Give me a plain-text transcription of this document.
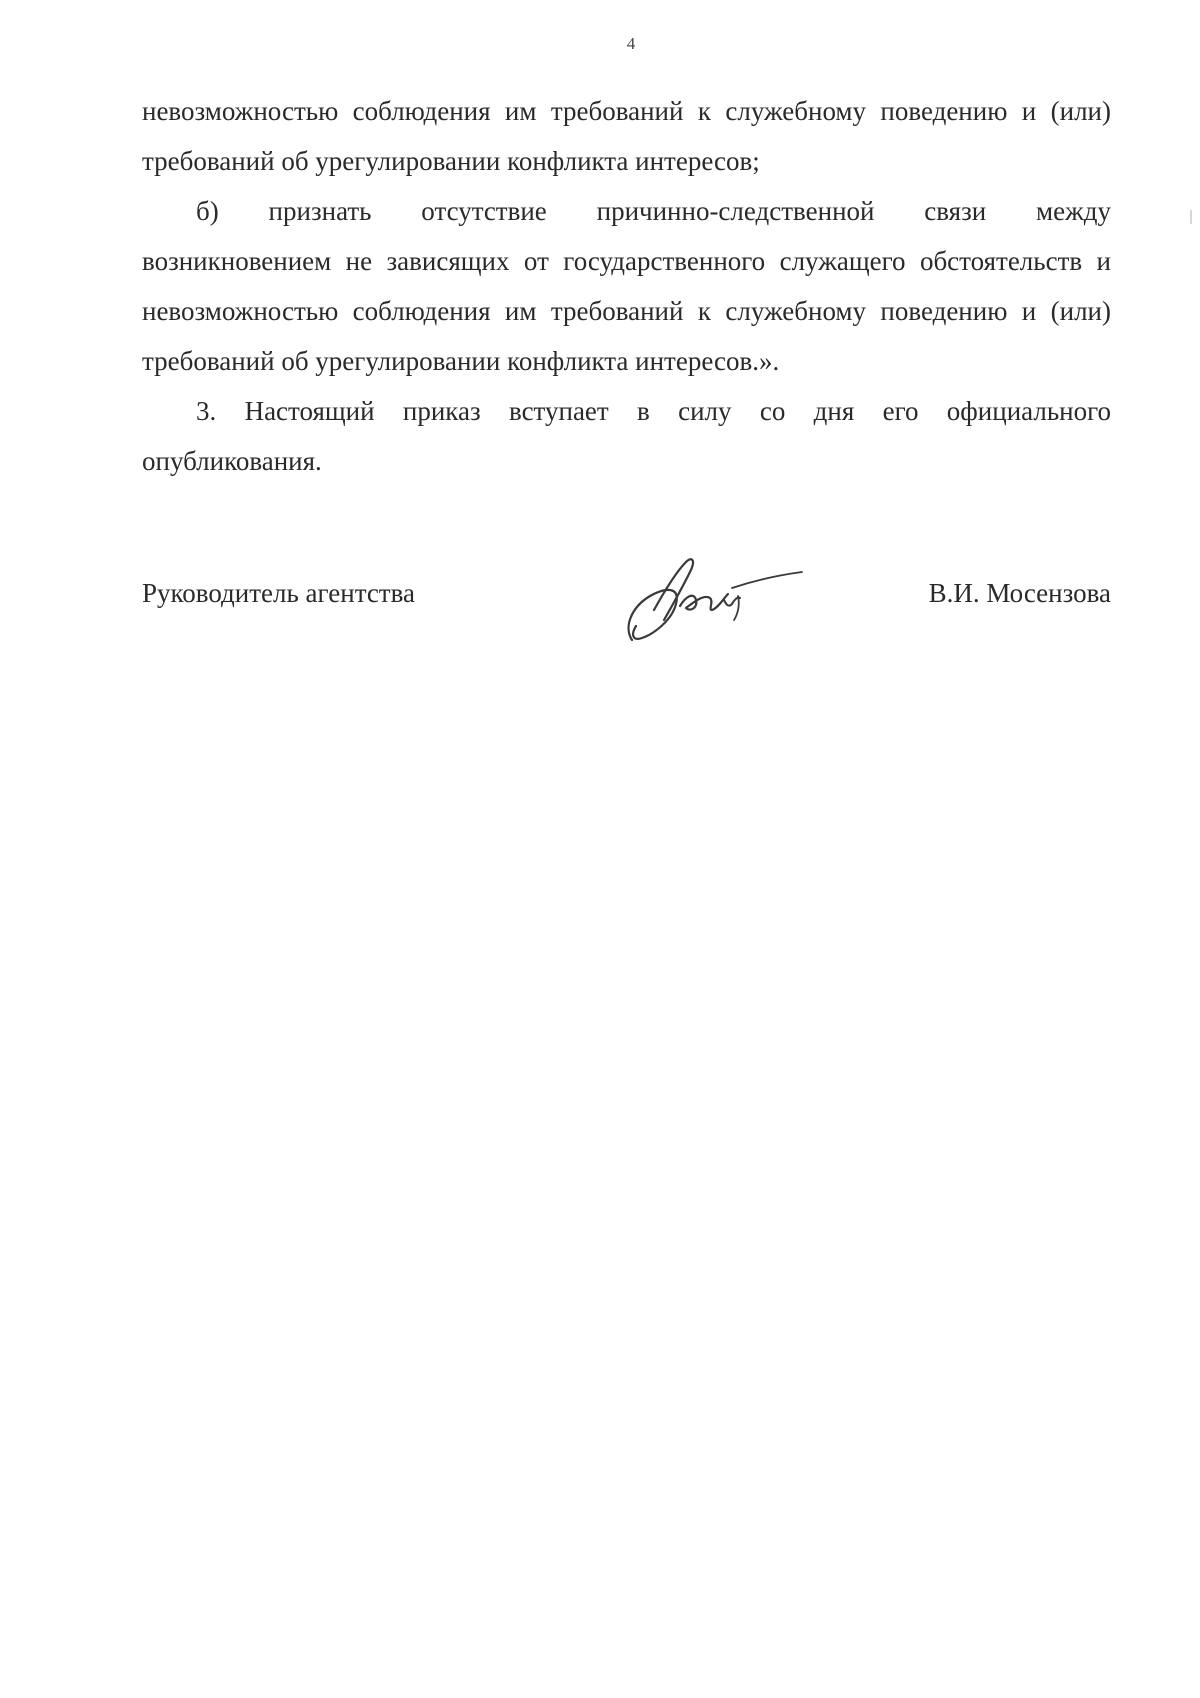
4

невозможностью соблюдения им требований к служебному поведению и (или)
требований об урегулировании конфликта интересов;

б) признать отсутствие причинно-следственной связи между
возникновением не зависящих от государственного служащего обстоятельств и
невозможностью соблюдения им требований к служебному поведению и (или)
требований об урегулировании конфликта интересов.».

3. Настоящий приказ вступает в силу со дня его официального
опубликования.

Руководитель агентства	В.И. Мосензова
